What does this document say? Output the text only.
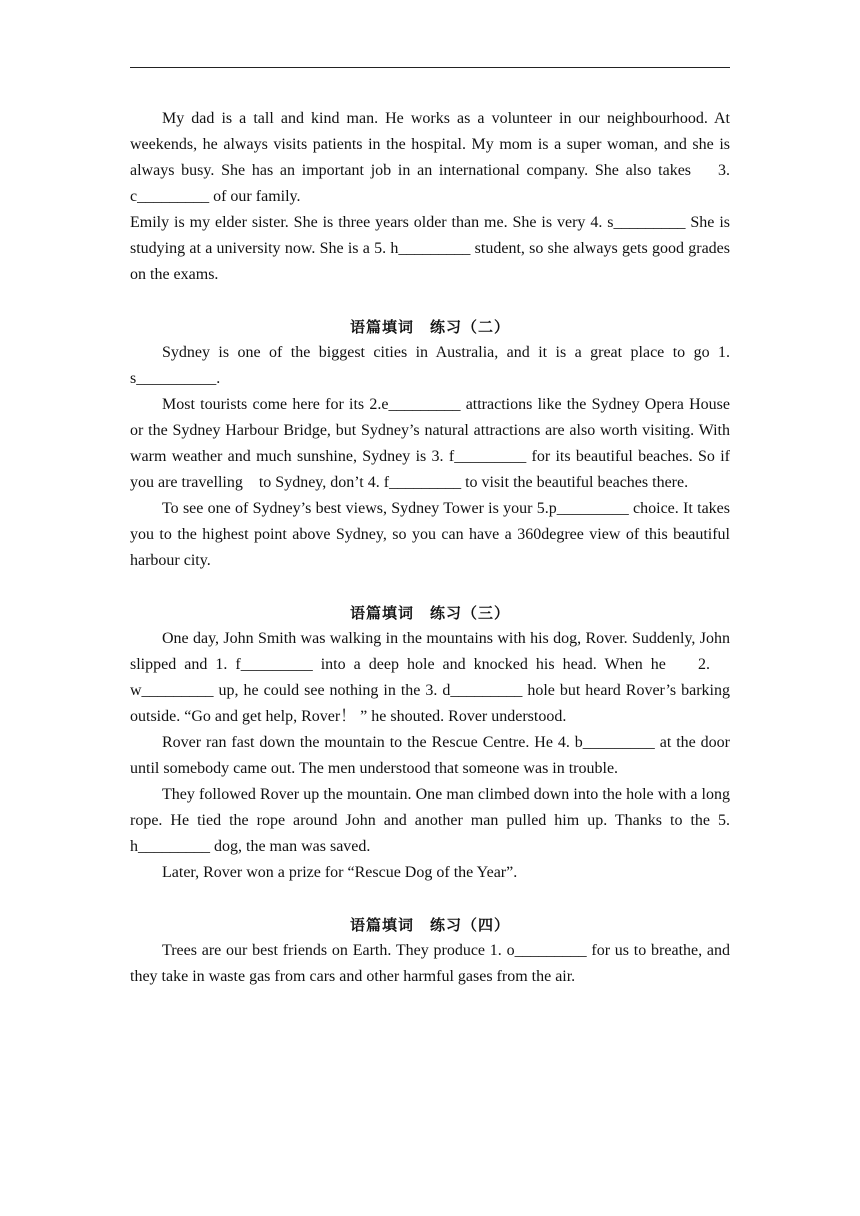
My dad is a tall and kind man. He works as a volunteer in our neighbourhood. At weekends, he always visits patients in the hospital. My mom is a super woman, and she is always busy. She has an important job in an international company. She also takes    3. c_________ of our family.

Emily is my elder sister. She is three years older than me. She is very 4. s_________ She is studying at a university now. She is a 5. h_________ student, so she always gets good grades on the exams.

语篇填词　练习（二）

Sydney is one of the biggest cities in Australia, and it is a great place to go 1. s__________.

Most tourists come here for its 2.e_________ attractions like the Sydney Opera House or the Sydney Harbour Bridge, but Sydney’s natural attractions are also worth visiting. With warm weather and much sunshine, Sydney is 3. f_________ for its beautiful beaches. So if you are travelling    to Sydney, don’t 4. f_________ to visit the beautiful beaches there.

To see one of Sydney’s best views, Sydney Tower is your 5.p_________ choice. It takes you to the highest point above Sydney, so you can have a 360degree view of this beautiful harbour city.

语篇填词　练习（三）

One day, John Smith was walking in the mountains with his dog, Rover. Suddenly, John slipped and 1. f_________ into a deep hole and knocked his head. When he    2.    w_________ up, he could see nothing in the 3. d_________ hole but heard Rover’s barking outside. “Go and get help, Rover！ ” he shouted. Rover understood.

Rover ran fast down the mountain to the Rescue Centre. He 4. b_________ at the door until somebody came out. The men understood that someone was in trouble.

They followed Rover up the mountain. One man climbed down into the hole with a long rope. He tied the rope around John and another man pulled him up. Thanks to the 5. h_________ dog, the man was saved.

Later, Rover won a prize for “Rescue Dog of the Year”.

语篇填词　练习（四）

Trees are our best friends on Earth. They produce 1. o_________ for us to breathe, and they take in waste gas from cars and other harmful gases from the air.
